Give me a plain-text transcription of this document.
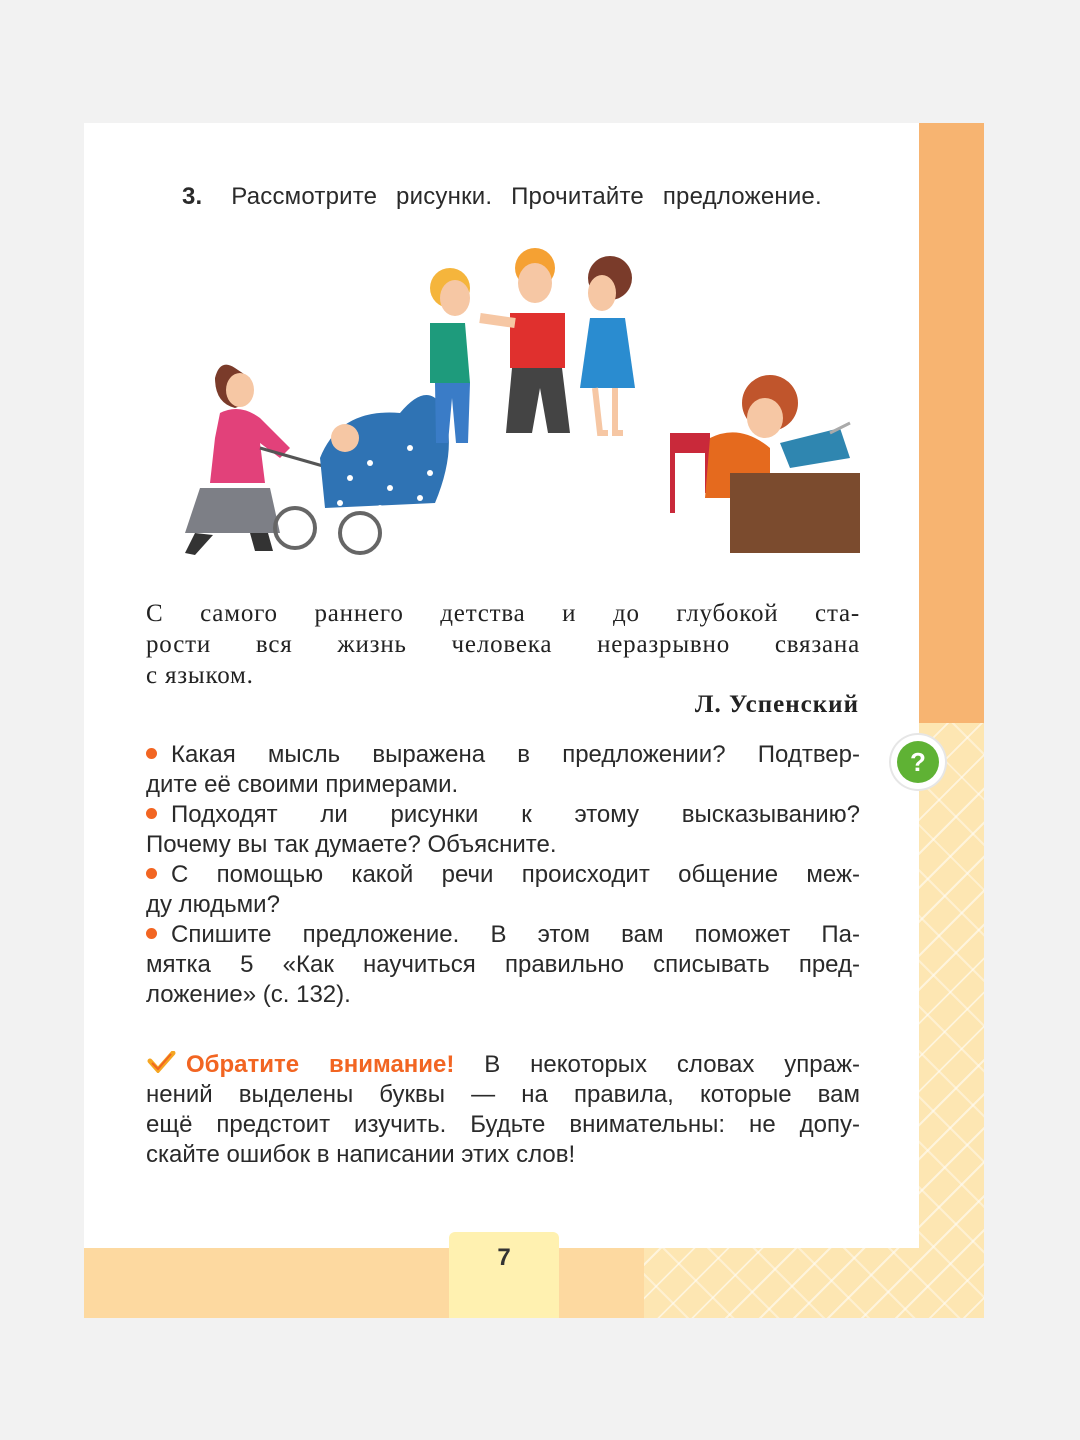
3. Рассмотрите рисунки. Прочитайте предложение.
С самого раннего детства и до глубокой ста-
рости вся жизнь человека неразрывно связана
с языком.
Л. Успенский
?
Какая мысль выражена в предложении? Подтвер-
дите её своими примерами.
Подходят ли рисунки к этому высказыванию?
Почему вы так думаете? Объясните.
С помощью какой речи происходит общение меж-
ду людьми?
Спишите предложение. В этом вам поможет Па-
мятка 5 «Как научиться правильно списывать пред-
ложение» (с. 132).
Обратите внимание! В некоторых словах упраж-
нений выделены буквы — на правила, которые вам
ещё предстоит изучить. Будьте внимательны: не допу-
скайте ошибок в написании этих слов!
7
